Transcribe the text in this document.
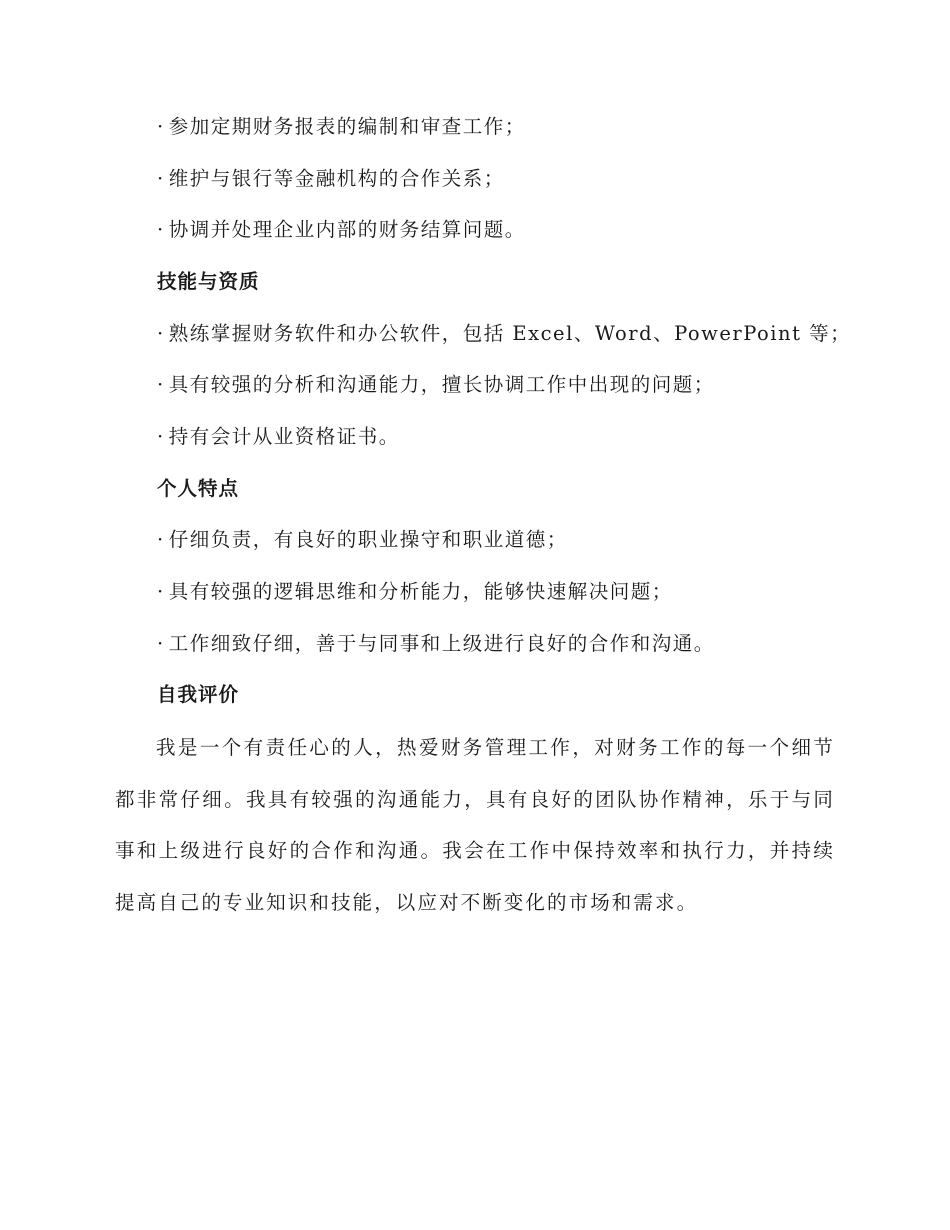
· 参加定期财务报表的编制和审查工作；
· 维护与银行等金融机构的合作关系；
· 协调并处理企业内部的财务结算问题。
技能与资质
· 熟练掌握财务软件和办公软件，包括 Excel、Word、PowerPoint 等；
· 具有较强的分析和沟通能力，擅长协调工作中出现的问题；
· 持有会计从业资格证书。
个人特点
· 仔细负责，有良好的职业操守和职业道德；
· 具有较强的逻辑思维和分析能力，能够快速解决问题；
· 工作细致仔细，善于与同事和上级进行良好的合作和沟通。
自我评价
我是一个有责任心的人，热爱财务管理工作，对财务工作的每一个细节都非常仔细。我具有较强的沟通能力，具有良好的团队协作精神，乐于与同事和上级进行良好的合作和沟通。我会在工作中保持效率和执行力，并持续提高自己的专业知识和技能，以应对不断变化的市场和需求。
